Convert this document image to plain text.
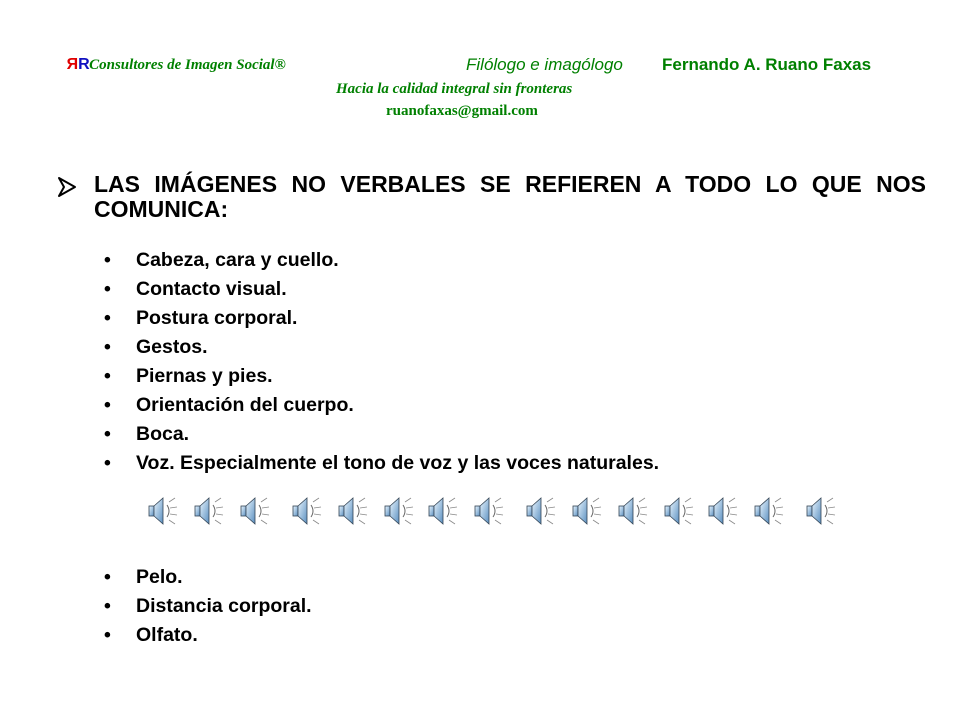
RRConsultores de Imagen Social®	Filólogo e imagólogo Fernando A. Ruano Faxas
Hacia la calidad integral sin fronteras
ruanofaxas@gmail.com
LAS IMÁGENES NO VERBALES SE REFIEREN A TODO LO QUE NOS COMUNICA:
•	Cabeza, cara y cuello.
•	Contacto visual.
•	Postura corporal.
•	Gestos.
•	Piernas y pies.
•	Orientación del cuerpo.
•	Boca.
•	Voz. Especialmente el tono de voz y las voces naturales.
•	Pelo.
•	Distancia corporal.
•	Olfato.
